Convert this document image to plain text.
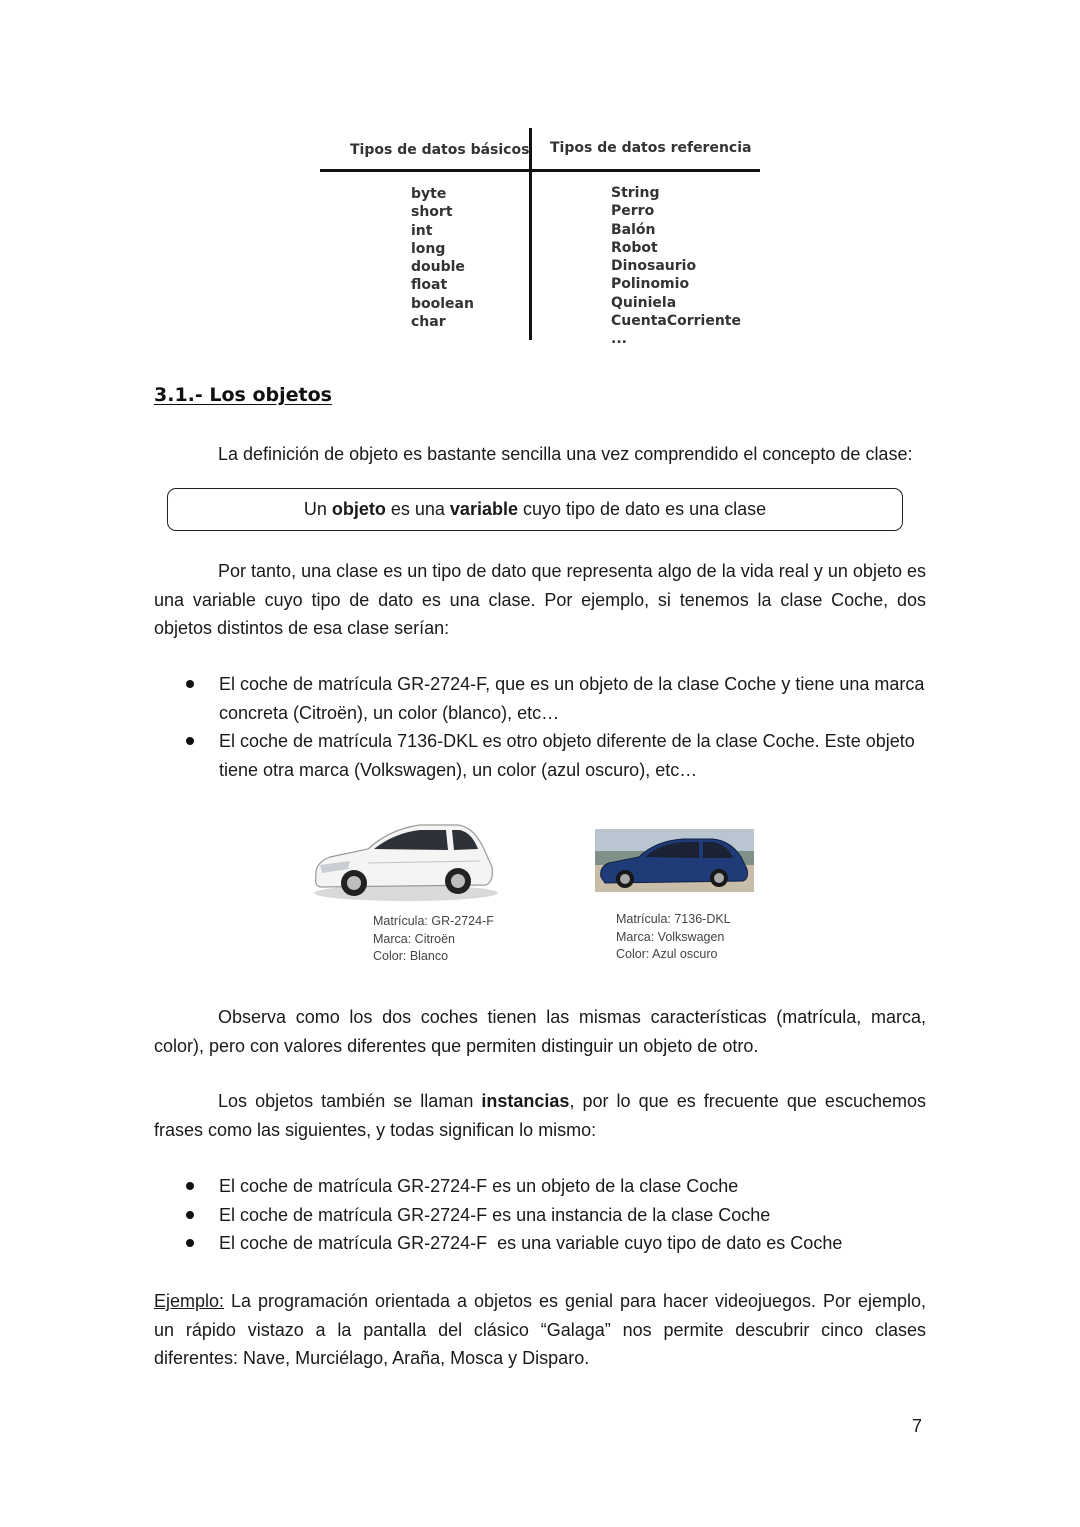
Tipos de datos básicos Tipos de datos referencia
byte
short
int
long
double
float
boolean
char
String
Perro
Balón
Robot
Dinosaurio
Polinomio
Quiniela
CuentaCorriente
...
3.1.- Los objetos

La definición de objeto es bastante sencilla una vez comprendido el concepto de clase:

Un objeto es una variable cuyo tipo de dato es una clase

Por tanto, una clase es un tipo de dato que representa algo de la vida real y un objeto es una variable cuyo tipo de dato es una clase. Por ejemplo, si tenemos la clase Coche, dos objetos distintos de esa clase serían:

El coche de matrícula GR-2724-F, que es un objeto de la clase Coche y tiene una marca concreta (Citroën), un color (blanco), etc…
El coche de matrícula 7136-DKL es otro objeto diferente de la clase Coche. Este objeto tiene otra marca (Volkswagen), un color (azul oscuro), etc…
Matrícula: GR-2724-F
Marca: Citroën
Color: Blanco
Matrícula: 7136-DKL
Marca: Volkswagen
Color: Azul oscuro

Observa como los dos coches tienen las mismas características (matrícula, marca, color), pero con valores diferentes que permiten distinguir un objeto de otro.

Los objetos también se llaman instancias, por lo que es frecuente que escuchemos frases como las siguientes, y todas significan lo mismo:

El coche de matrícula GR-2724-F es un objeto de la clase Coche
El coche de matrícula GR-2724-F es una instancia de la clase Coche
El coche de matrícula GR-2724-F  es una variable cuyo tipo de dato es Coche

Ejemplo: La programación orientada a objetos es genial para hacer videojuegos. Por ejemplo, un rápido vistazo a la pantalla del clásico “Galaga” nos permite descubrir cinco clases diferentes: Nave, Murciélago, Araña, Mosca y Disparo.

7
